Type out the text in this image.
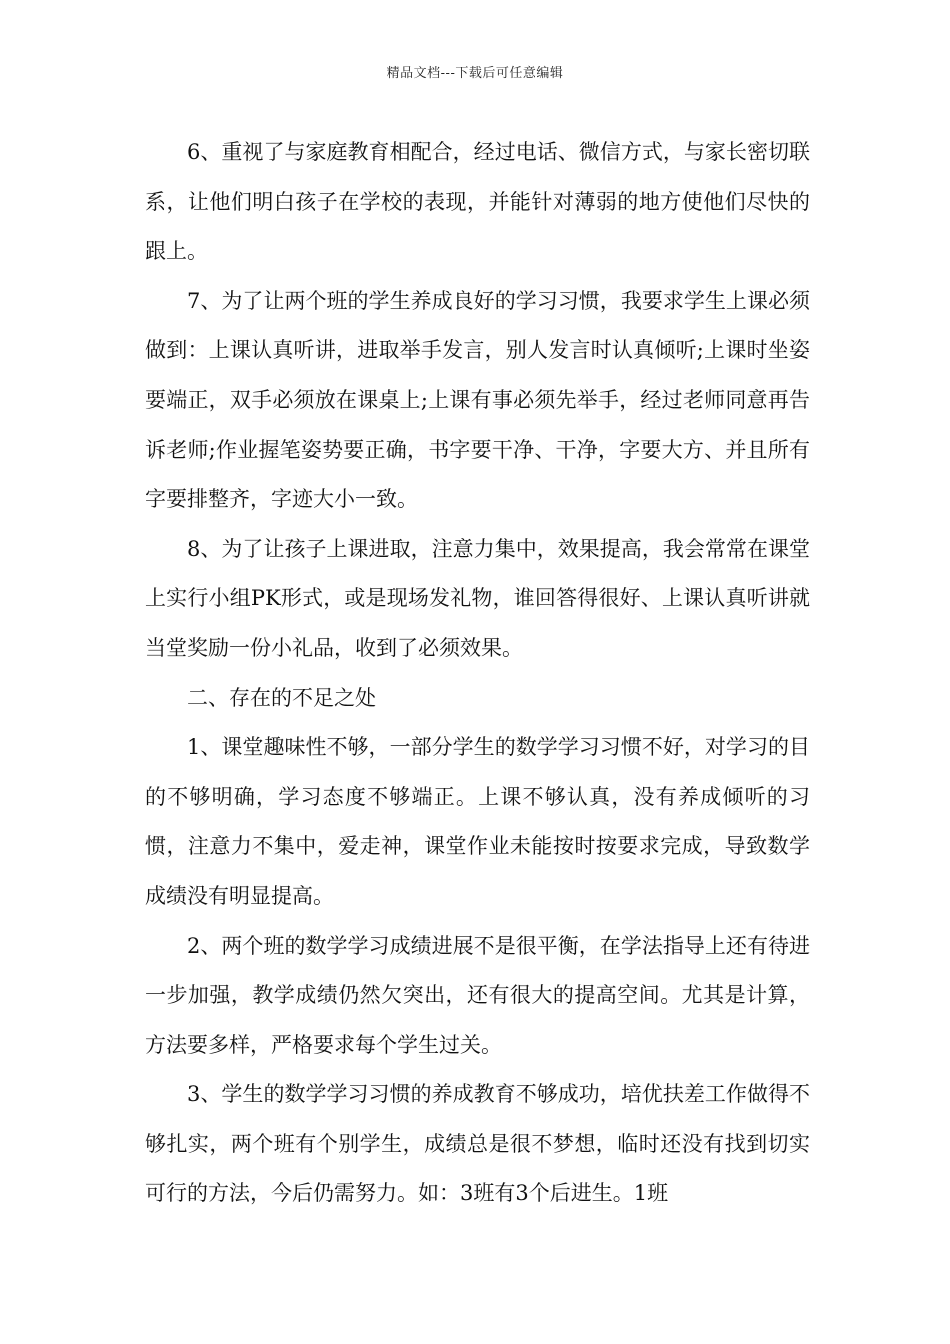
精品文档---下载后可任意编辑

6、重视了与家庭教育相配合，经过电话、微信方式，与家长密切联系，让他们明白孩子在学校的表现，并能针对薄弱的地方使他们尽快的跟上。

7、为了让两个班的学生养成良好的学习习惯，我要求学生上课必须做到：上课认真听讲，进取举手发言，别人发言时认真倾听;上课时坐姿要端正，双手必须放在课桌上;上课有事必须先举手，经过老师同意再告诉老师;作业握笔姿势要正确，书字要干净、干净，字要大方、并且所有字要排整齐，字迹大小一致。

8、为了让孩子上课进取，注意力集中，效果提高，我会常常在课堂上实行小组PK形式，或是现场发礼物，谁回答得很好、上课认真听讲就当堂奖励一份小礼品，收到了必须效果。

二、存在的不足之处

1、课堂趣味性不够，一部分学生的数学学习习惯不好，对学习的目的不够明确，学习态度不够端正。上课不够认真，没有养成倾听的习惯，注意力不集中，爱走神，课堂作业未能按时按要求完成，导致数学成绩没有明显提高。

2、两个班的数学学习成绩进展不是很平衡，在学法指导上还有待进一步加强，教学成绩仍然欠突出，还有很大的提高空间。尤其是计算，方法要多样，严格要求每个学生过关。

3、学生的数学学习习惯的养成教育不够成功，培优扶差工作做得不够扎实，两个班有个别学生，成绩总是很不梦想，临时还没有找到切实可行的方法，今后仍需努力。如：3班有3个后进生。1班
